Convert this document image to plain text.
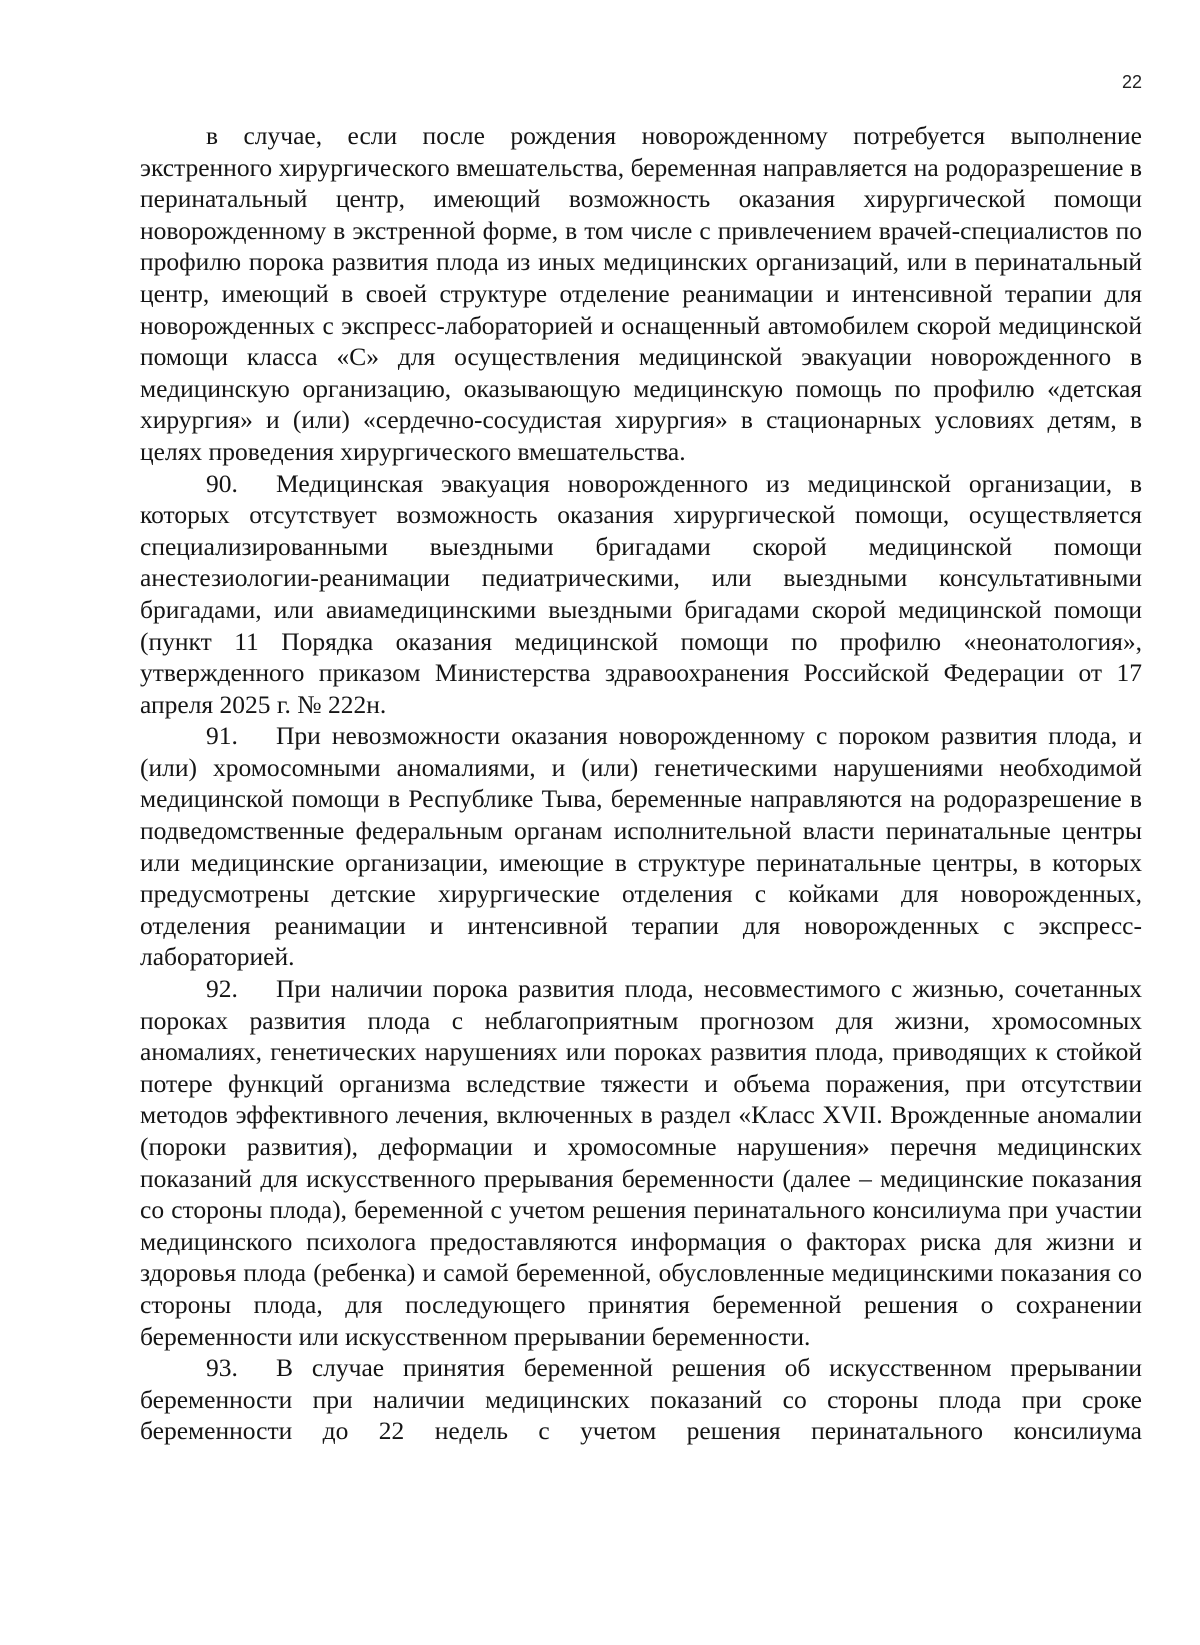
22

в случае, если после рождения новорожденному потребуется выполнение экстренного хирургического вмешательства, беременная направляется на родоразрешение в перинатальный центр, имеющий возможность оказания хирургической помощи новорожденному в экстренной форме, в том числе с привлечением врачей-специалистов по профилю порока развития плода из иных медицинских организаций, или в перинатальный центр, имеющий в своей структуре отделение реанимации и интенсивной терапии для новорожденных с экспресс-лабораторией и оснащенный автомобилем скорой медицинской помощи класса «С» для осуществления медицинской эвакуации новорожденного в медицинскую организацию, оказывающую медицинскую помощь по профилю «детская хирургия» и (или) «сердечно-сосудистая хирургия» в стационарных условиях детям, в целях проведения хирургического вмешательства.

90. Медицинская эвакуация новорожденного из медицинской организации, в которых отсутствует возможность оказания хирургической помощи, осуществляется специализированными выездными бригадами скорой медицинской помощи анестезиологии-реанимации педиатрическими, или выездными консультативными бригадами, или авиамедицинскими выездными бригадами скорой медицинской помощи (пункт 11 Порядка оказания медицинской помощи по профилю «неонатология», утвержденного приказом Министерства здравоохранения Российской Федерации от 17 апреля 2025 г. № 222н.

91. При невозможности оказания новорожденному с пороком развития плода, и (или) хромосомными аномалиями, и (или) генетическими нарушениями необходимой медицинской помощи в Республике Тыва, беременные направляются на родоразрешение в подведомственные федеральным органам исполнительной власти перинатальные центры или медицинские организации, имеющие в структуре перинатальные центры, в которых предусмотрены детские хирургические отделения с койками для новорожденных, отделения реанимации и интенсивной терапии для новорожденных с экспресс-лабораторией.

92. При наличии порока развития плода, несовместимого с жизнью, сочетанных пороках развития плода с неблагоприятным прогнозом для жизни, хромосомных аномалиях, генетических нарушениях или пороках развития плода, приводящих к стойкой потере функций организма вследствие тяжести и объема поражения, при отсутствии методов эффективного лечения, включенных в раздел «Класс XVII. Врожденные аномалии (пороки развития), деформации и хромосомные нарушения» перечня медицинских показаний для искусственного прерывания беременности (далее – медицинские показания со стороны плода), беременной с учетом решения перинатального консилиума при участии медицинского психолога предоставляются информация о факторах риска для жизни и здоровья плода (ребенка) и самой беременной, обусловленные медицинскими показания со стороны плода, для последующего принятия беременной решения о сохранении беременности или искусственном прерывании беременности.

93. В случае принятия беременной решения об искусственном прерывании беременности при наличии медицинских показаний со стороны плода при сроке беременности до 22 недель с учетом решения перинатального консилиума
